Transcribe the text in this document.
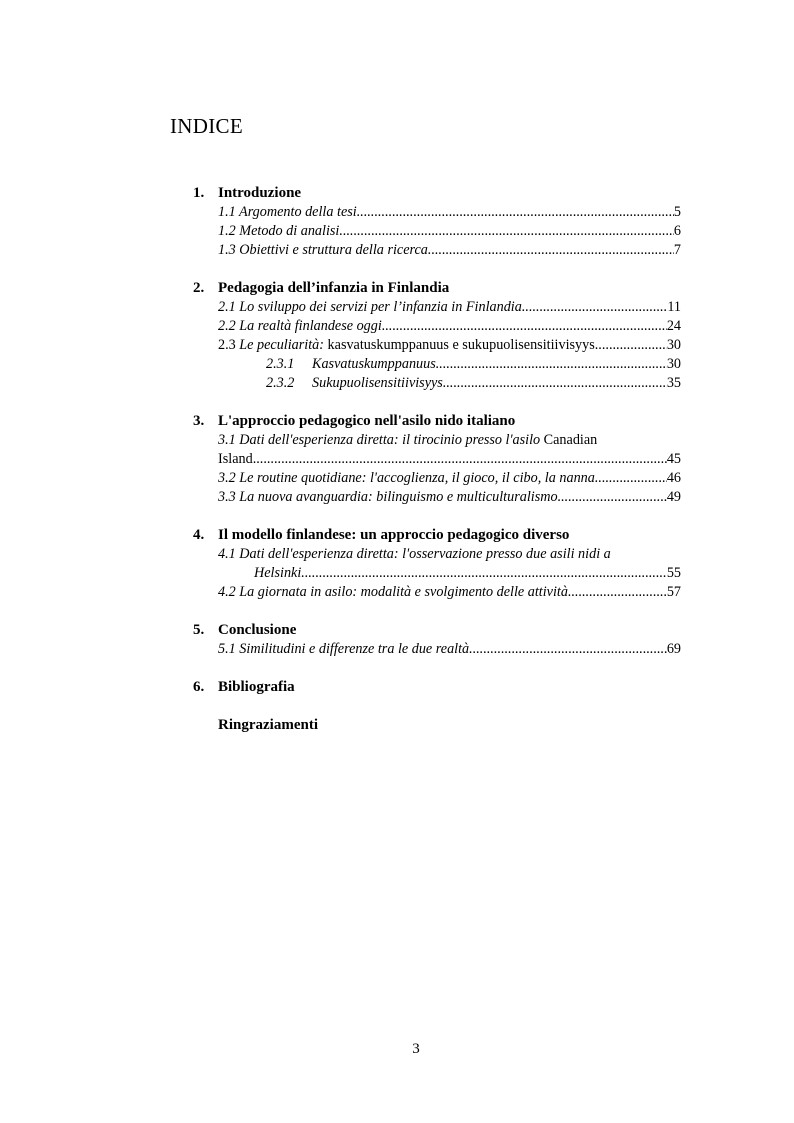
INDICE
1. Introduzione
1.1 Argomento della tesi .....	5
1.2 Metodo di analisi .....	6
1.3 Obiettivi e struttura della ricerca .....	7
2. Pedagogia dell’infanzia in Finlandia
2.1 Lo sviluppo dei servizi per l’infanzia in Finlandia .....	11
2.2 La realtà finlandese oggi .....	24
2.3 Le peculiarità: kasvatuskumppanuus e sukupuolisensitiivisyys .....	30
2.3.1 Kasvatuskumppanuus .....	30
2.3.2 Sukupuolisensitiivisyys .....	35
3. L'approccio pedagogico nell'asilo nido italiano
3.1 Dati dell'esperienza diretta: il tirocinio presso l'asilo Canadian
Island .....	45
3.2 Le routine quotidiane: l'accoglienza, il gioco, il cibo, la nanna .....	46
3.3 La nuova avanguardia: bilinguismo e multiculturalismo .....	49
4. Il modello finlandese: un approccio pedagogico diverso
4.1 Dati dell'esperienza diretta: l'osservazione presso due asili nidi a
Helsinki .....	55
4.2 La giornata in asilo: modalità e svolgimento delle attività .....	57
5. Conclusione
5.1 Similitudini e differenze tra le due realtà .....	69
6. Bibliografia
Ringraziamenti
3
